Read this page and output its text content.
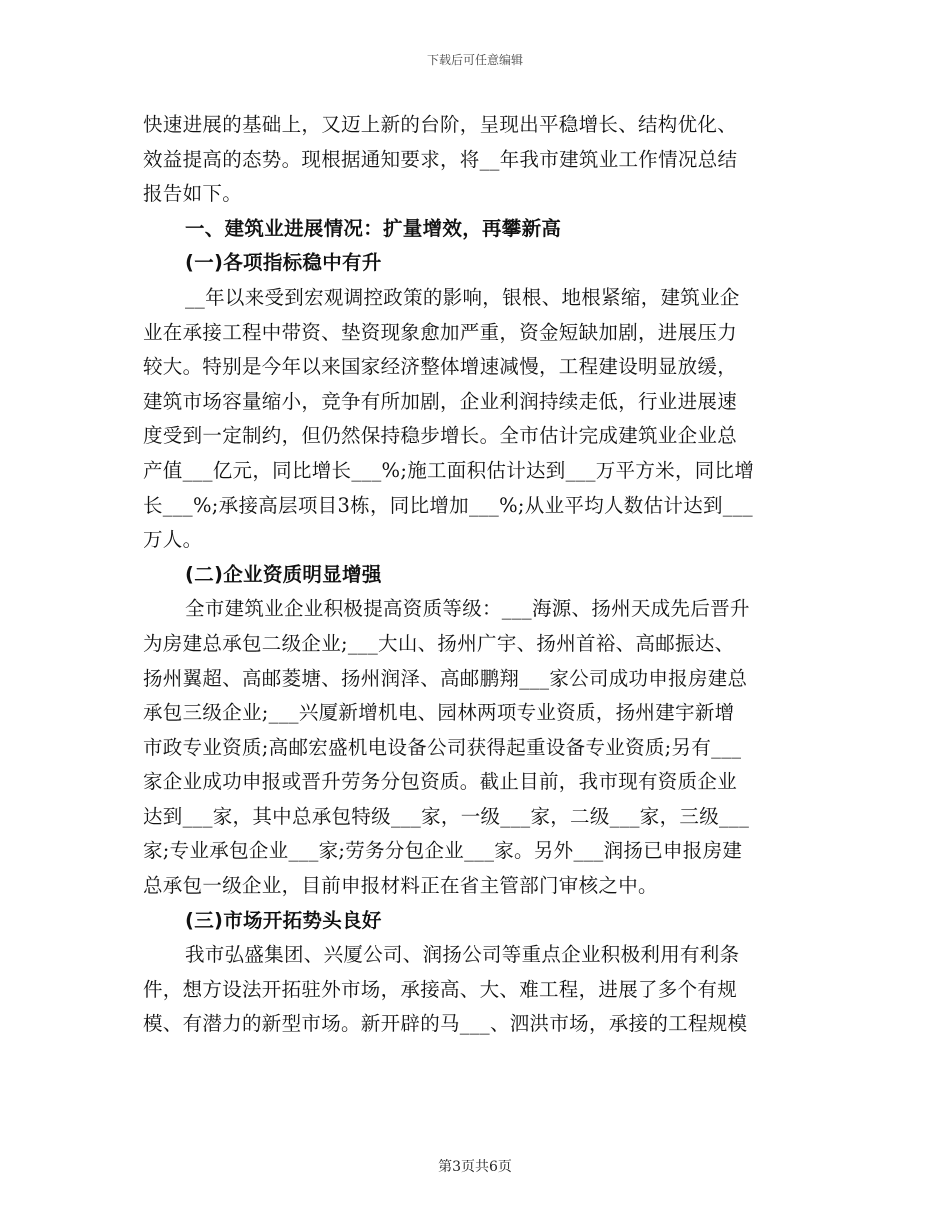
下载后可任意编辑
快速进展的基础上，又迈上新的台阶，呈现出平稳增长、结构优化、
效益提高的态势。现根据通知要求，将__年我市建筑业工作情况总结
报告如下。
一、建筑业进展情况：扩量增效，再攀新高
(一)各项指标稳中有升
__年以来受到宏观调控政策的影响，银根、地根紧缩，建筑业企
业在承接工程中带资、垫资现象愈加严重，资金短缺加剧，进展压力
较大。特别是今年以来国家经济整体增速减慢，工程建设明显放缓，
建筑市场容量缩小，竞争有所加剧，企业利润持续走低，行业进展速
度受到一定制约，但仍然保持稳步增长。全市估计完成建筑业企业总
产值___亿元，同比增长___%;施工面积估计达到___万平方米，同比增
长___%;承接高层项目3栋，同比增加___%;从业平均人数估计达到___
万人。
(二)企业资质明显增强
全市建筑业企业积极提高资质等级：___海源、扬州天成先后晋升
为房建总承包二级企业;___大山、扬州广宇、扬州首裕、高邮振达、
扬州翼超、高邮菱塘、扬州润泽、高邮鹏翔___家公司成功申报房建总
承包三级企业;___兴厦新增机电、园林两项专业资质，扬州建宇新增
市政专业资质;高邮宏盛机电设备公司获得起重设备专业资质;另有___
家企业成功申报或晋升劳务分包资质。截止目前，我市现有资质企业
达到___家，其中总承包特级___家，一级___家，二级___家，三级___
家;专业承包企业___家;劳务分包企业___家。另外___润扬已申报房建
总承包一级企业，目前申报材料正在省主管部门审核之中。
(三)市场开拓势头良好
我市弘盛集团、兴厦公司、润扬公司等重点企业积极利用有利条
件，想方设法开拓驻外市场，承接高、大、难工程，进展了多个有规
模、有潜力的新型市场。新开辟的马___、泗洪市场，承接的工程规模
第3页共6页
